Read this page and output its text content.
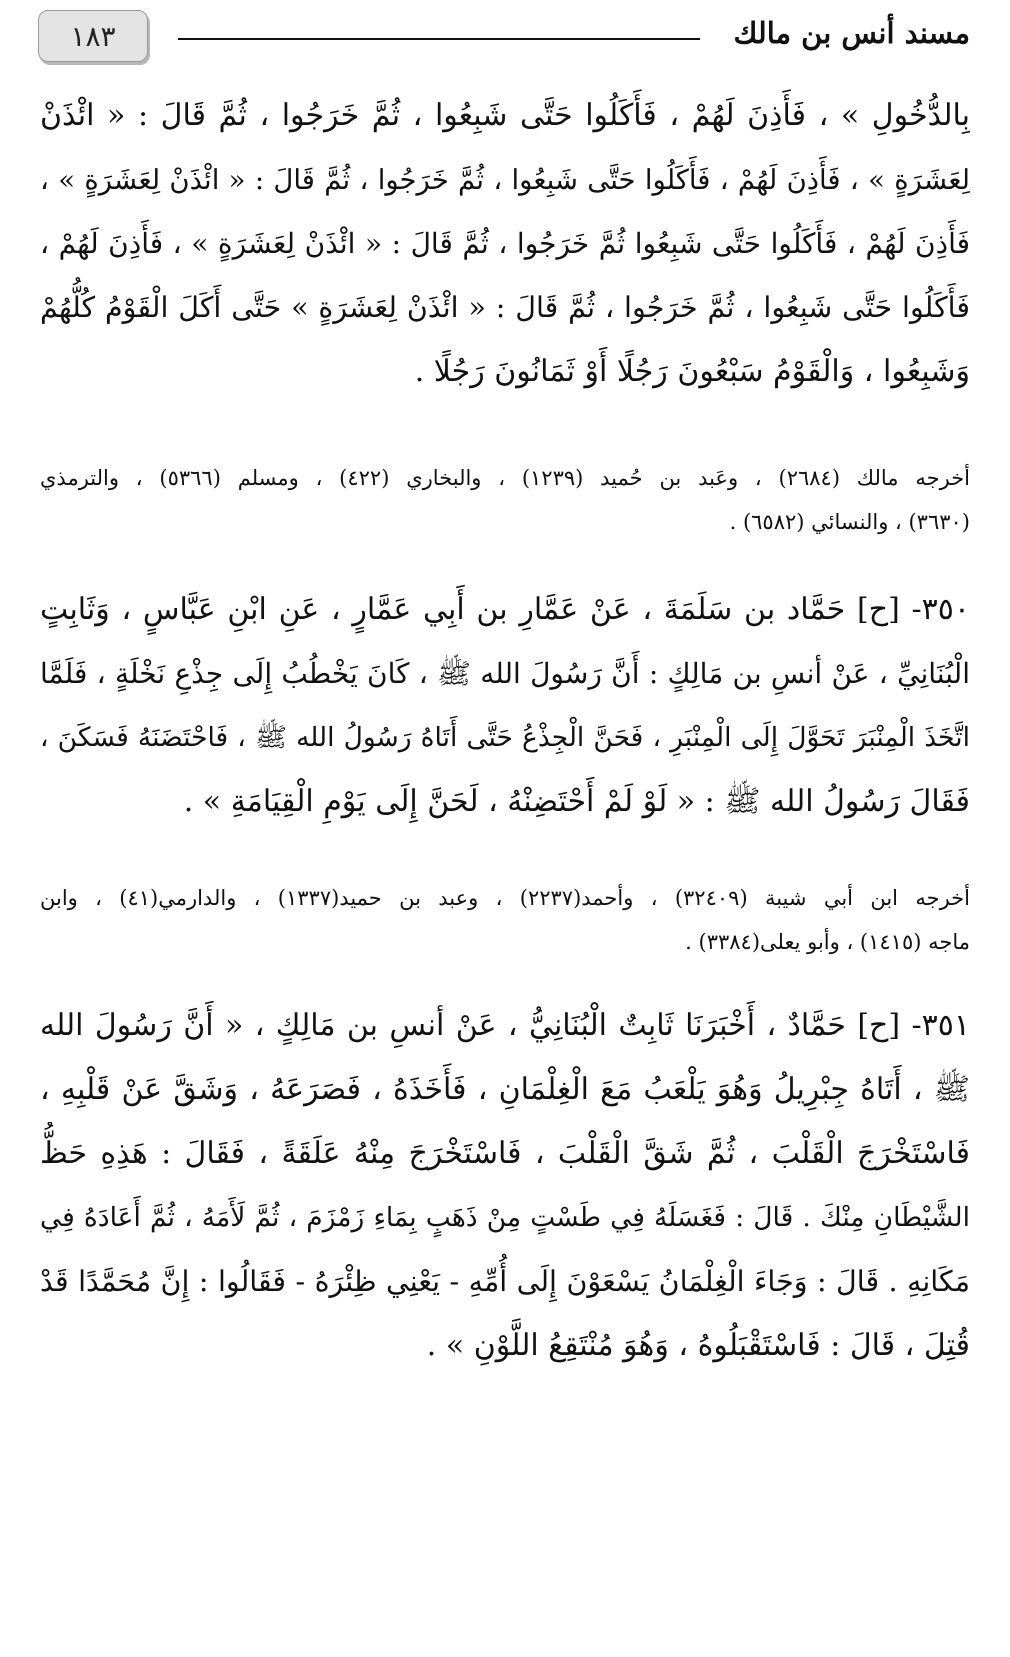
١٨٣	مسند أنس بن مالك
بِالدُّخُولِ » ، فَأَذِنَ لَهُمْ ، فَأَكَلُوا حَتَّى شَبِعُوا ، ثُمَّ خَرَجُوا ، ثُمَّ قَالَ : « ائْذَنْ
لِعَشَرَةٍ » ، فَأَذِنَ لَهُمْ ، فَأَكَلُوا حَتَّى شَبِعُوا ، ثُمَّ خَرَجُوا ، ثُمَّ قَالَ : « ائْذَنْ لِعَشَرَةٍ » ،
فَأَذِنَ لَهُمْ ، فَأَكَلُوا حَتَّى شَبِعُوا ثُمَّ خَرَجُوا ، ثُمَّ قَالَ : « ائْذَنْ لِعَشَرَةٍ » ، فَأَذِنَ لَهُمْ ،
فَأَكَلُوا حَتَّى شَبِعُوا ، ثُمَّ خَرَجُوا ، ثُمَّ قَالَ : « ائْذَنْ لِعَشَرَةٍ » حَتَّى أَكَلَ الْقَوْمُ كُلُّهُمْ
وَشَبِعُوا ، وَالْقَوْمُ سَبْعُونَ رَجُلًا أَوْ ثَمَانُونَ رَجُلًا .
أخرجه مالك (٢٦٨٤) ، وعَبد بن حُميد (١٢٣٩) ، والبخاري (٤٢٢) ، ومسلم (٥٣٦٦) ، والترمذي
(٣٦٣٠) ، والنسائي (٦٥٨٢) .
٣٥٠- [ح] حَمَّاد بن سَلَمَةَ ، عَنْ عَمَّارِ بن أَبِي عَمَّارٍ ، عَنِ ابْنِ عَبَّاسٍ ، وَثَابِتٍ
الْبُنَانِيِّ ، عَنْ أنسِ بن مَالِكٍ : أَنَّ رَسُولَ الله ﷺ ، كَانَ يَخْطُبُ إِلَى جِذْعِ نَخْلَةٍ ، فَلَمَّا
اتَّخَذَ الْمِنْبَرَ تَحَوَّلَ إِلَى الْمِنْبَرِ ، فَحَنَّ الْجِذْعُ حَتَّى أَتَاهُ رَسُولُ الله ﷺ ، فَاحْتَضَنَهُ فَسَكَنَ ،
فَقَالَ رَسُولُ الله ﷺ : « لَوْ لَمْ أَحْتَضِنْهُ ، لَحَنَّ إِلَى يَوْمِ الْقِيَامَةِ » .
أخرجه ابن أبي شيبة (٣٢٤٠٩) ، وأحمد(٢٢٣٧) ، وعبد بن حميد(١٣٣٧) ، والدارمي(٤١) ، وابن
ماجه (١٤١٥) ، وأبو يعلى(٣٣٨٤) .
٣٥١- [ح] حَمَّادٌ ، أَخْبَرَنَا ثَابِتٌ الْبُنَانِيُّ ، عَنْ أنسِ بن مَالِكٍ ، « أَنَّ رَسُولَ الله
ﷺ ، أَتَاهُ جِبْرِيلُ وَهُوَ يَلْعَبُ مَعَ الْغِلْمَانِ ، فَأَخَذَهُ ، فَصَرَعَهُ ، وَشَقَّ عَنْ قَلْبِهِ ،
فَاسْتَخْرَجَ الْقَلْبَ ، ثُمَّ شَقَّ الْقَلْبَ ، فَاسْتَخْرَجَ مِنْهُ عَلَقَةً ، فَقَالَ : هَذِهِ حَظُّ
الشَّيْطَانِ مِنْكَ . قَالَ : فَغَسَلَهُ فِي طَسْتٍ مِنْ ذَهَبٍ بِمَاءِ زَمْزَمَ ، ثُمَّ لَأَمَهُ ، ثُمَّ أَعَادَهُ فِي
مَكَانِهِ . قَالَ : وَجَاءَ الْغِلْمَانُ يَسْعَوْنَ إِلَى أُمِّهِ - يَعْنِي ظِئْرَهُ - فَقَالُوا : إِنَّ مُحَمَّدًا قَدْ
قُتِلَ ، قَالَ : فَاسْتَقْبَلُوهُ ، وَهُوَ مُنْتَقِعُ اللَّوْنِ » .
